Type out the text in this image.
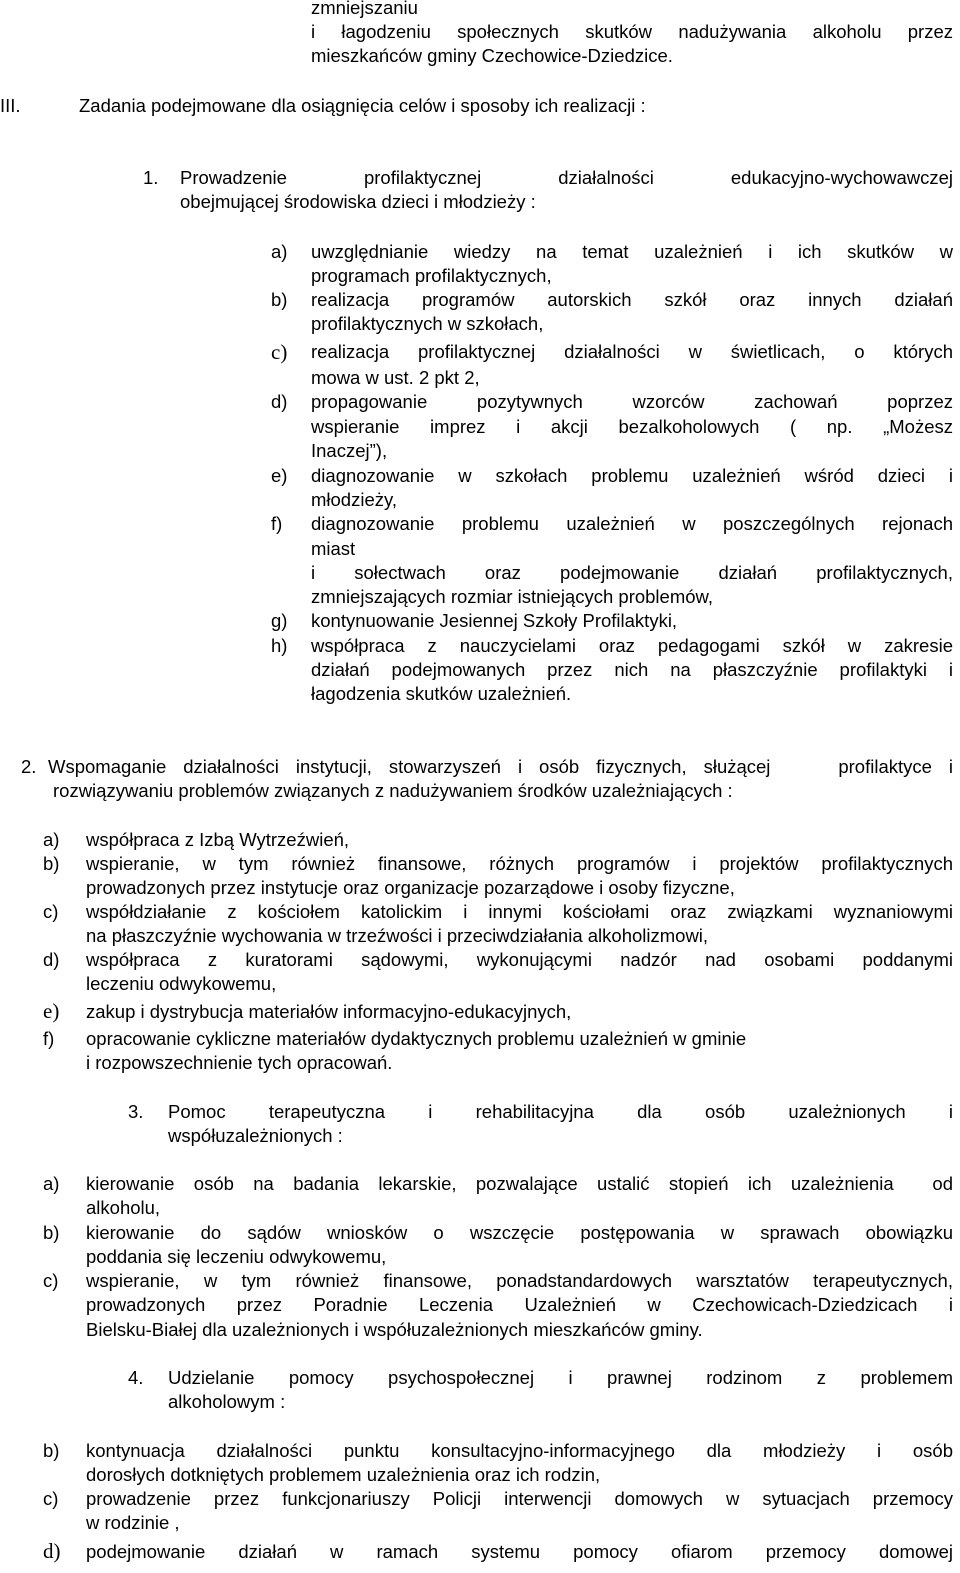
zmniejszaniu
i łagodzeniu społecznych skutków nadużywania alkoholu przez
mieszkańców gminy Czechowice-Dziedzice.
III.	Zadania podejmowane dla osiągnięcia celów i sposoby ich realizacji :
1. Prowadzenie profilaktycznej działalności edukacyjno-wychowawczej
obejmującej środowiska dzieci i młodzieży :
a) uwzględnianie wiedzy na temat uzależnień i ich skutków w
programach profilaktycznych,
b) realizacja programów autorskich szkół oraz innych działań
profilaktycznych w szkołach,
c) realizacja profilaktycznej działalności w świetlicach, o których
mowa w ust. 2 pkt 2,
d) propagowanie pozytywnych wzorców zachowań poprzez
wspieranie imprez i akcji bezalkoholowych ( np. „Możesz
Inaczej”),
e) diagnozowanie w szkołach problemu uzależnień wśród dzieci i
młodzieży,
f) diagnozowanie problemu uzależnień w poszczególnych rejonach
miast
i sołectwach oraz podejmowanie działań profilaktycznych,
zmniejszających rozmiar istniejących problemów,
g) kontynuowanie Jesiennej Szkoły Profilaktyki,
h) współpraca z nauczycielami oraz pedagogami szkół w zakresie
działań podejmowanych przez nich na płaszczyźnie profilaktyki i
łagodzenia skutków uzależnień.
2. Wspomaganie działalności instytucji, stowarzyszeń i osób fizycznych, służącej    profilaktyce i
rozwiązywaniu problemów związanych z nadużywaniem środków uzależniających :
a) współpraca z Izbą Wytrzeźwień,
b) wspieranie, w tym również finansowe, różnych programów i projektów profilaktycznych
prowadzonych przez instytucje oraz organizacje pozarządowe i osoby fizyczne,
c) współdziałanie z kościołem katolickim i innymi kościołami oraz związkami wyznaniowymi
na płaszczyźnie wychowania w trzeźwości i przeciwdziałania alkoholizmowi,
d) współpraca z kuratorami sądowymi, wykonującymi nadzór nad osobami poddanymi
leczeniu odwykowemu,
e) zakup i dystrybucja materiałów informacyjno-edukacyjnych,
f) opracowanie cykliczne materiałów dydaktycznych problemu uzależnień w gminie
i rozpowszechnienie tych opracowań.
3. Pomoc terapeutyczna i rehabilitacyjna dla osób uzależnionych i
współuzależnionych :
a) kierowanie osób na badania lekarskie, pozwalające ustalić stopień ich uzależnienia  od
alkoholu,
b) kierowanie do sądów wniosków o wszczęcie postępowania w sprawach obowiązku
poddania się leczeniu odwykowemu,
c) wspieranie, w tym również finansowe, ponadstandardowych warsztatów terapeutycznych,
prowadzonych przez Poradnie Leczenia Uzależnień w Czechowicach-Dziedzicach i
Bielsku-Białej dla uzależnionych i współuzależnionych mieszkańców gminy.
4. Udzielanie pomocy psychospołecznej i prawnej rodzinom z problemem
alkoholowym :
b) kontynuacja działalności punktu konsultacyjno-informacyjnego dla młodzieży i osób
dorosłych dotkniętych problemem uzależnienia oraz ich rodzin,
c) prowadzenie przez funkcjonariuszy Policji interwencji domowych w sytuacjach przemocy
w rodzinie ,
d) podejmowanie działań w ramach systemu pomocy ofiarom przemocy domowej
